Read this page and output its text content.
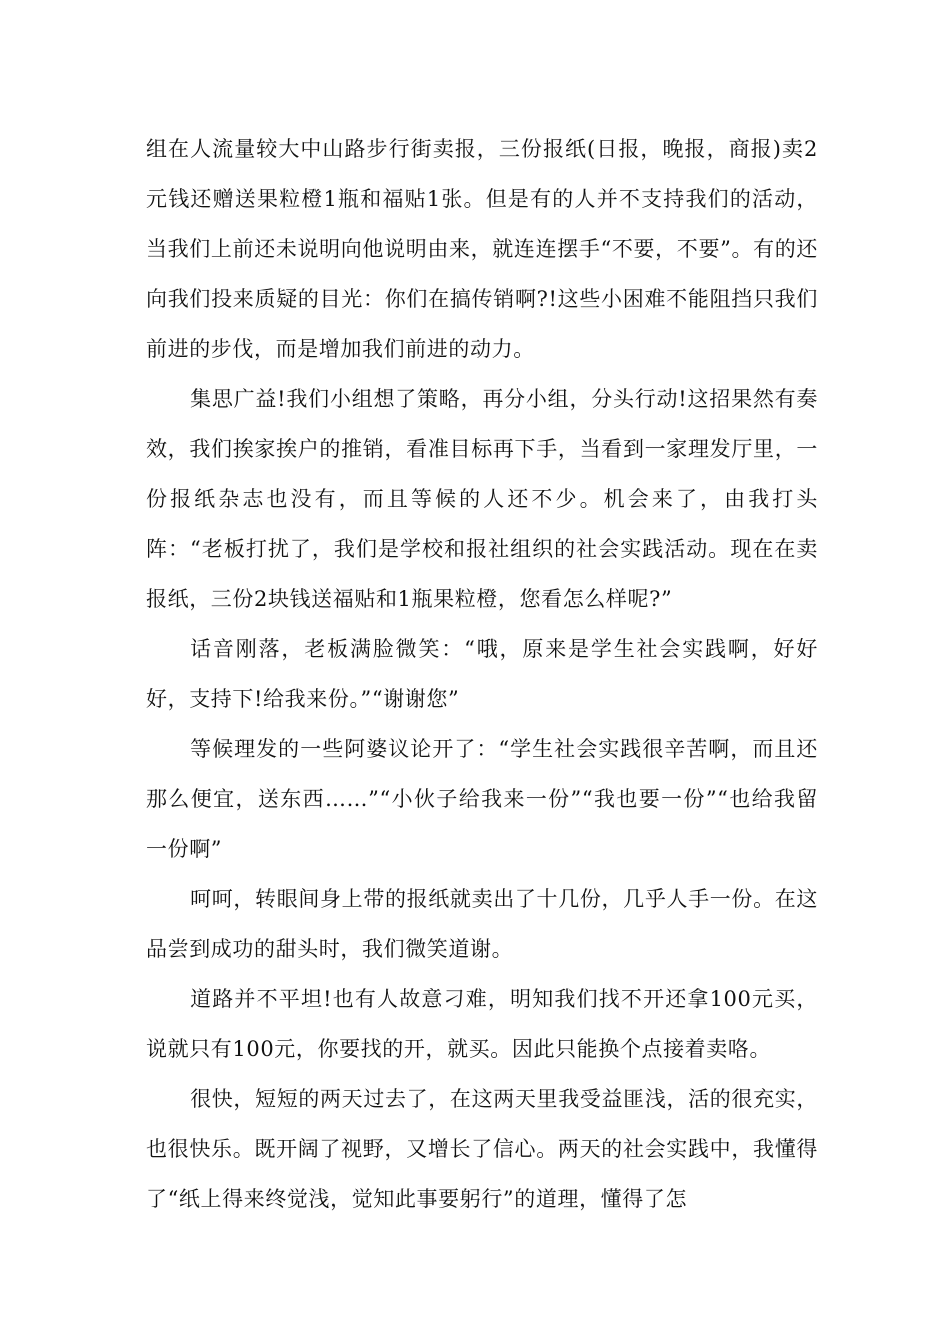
组在人流量较大中山路步行街卖报，三份报纸(日报，晚报，商报)卖2元钱还赠送果粒橙1瓶和福贴1张。但是有的人并不支持我们的活动，当我们上前还未说明向他说明由来，就连连摆手“不要，不要”。有的还向我们投来质疑的目光：你们在搞传销啊?!这些小困难不能阻挡只我们前进的步伐，而是增加我们前进的动力。

集思广益!我们小组想了策略，再分小组，分头行动!这招果然有奏效，我们挨家挨户的推销，看准目标再下手，当看到一家理发厅里，一份报纸杂志也没有，而且等候的人还不少。机会来了，由我打头阵：“老板打扰了，我们是学校和报社组织的社会实践活动。现在在卖报纸，三份2块钱送福贴和1瓶果粒橙，您看怎么样呢?”

话音刚落，老板满脸微笑：“哦，原来是学生社会实践啊，好好好，支持下!给我来份。”“谢谢您”

等候理发的一些阿婆议论开了：“学生社会实践很辛苦啊，而且还那么便宜，送东西……”“小伙子给我来一份”“我也要一份”“也给我留一份啊”

呵呵，转眼间身上带的报纸就卖出了十几份，几乎人手一份。在这品尝到成功的甜头时，我们微笑道谢。

道路并不平坦!也有人故意刁难，明知我们找不开还拿100元买，说就只有100元，你要找的开，就买。因此只能换个点接着卖咯。

很快，短短的两天过去了，在这两天里我受益匪浅，活的很充实，也很快乐。既开阔了视野，又增长了信心。两天的社会实践中，我懂得了“纸上得来终觉浅，觉知此事要躬行”的道理，懂得了怎
